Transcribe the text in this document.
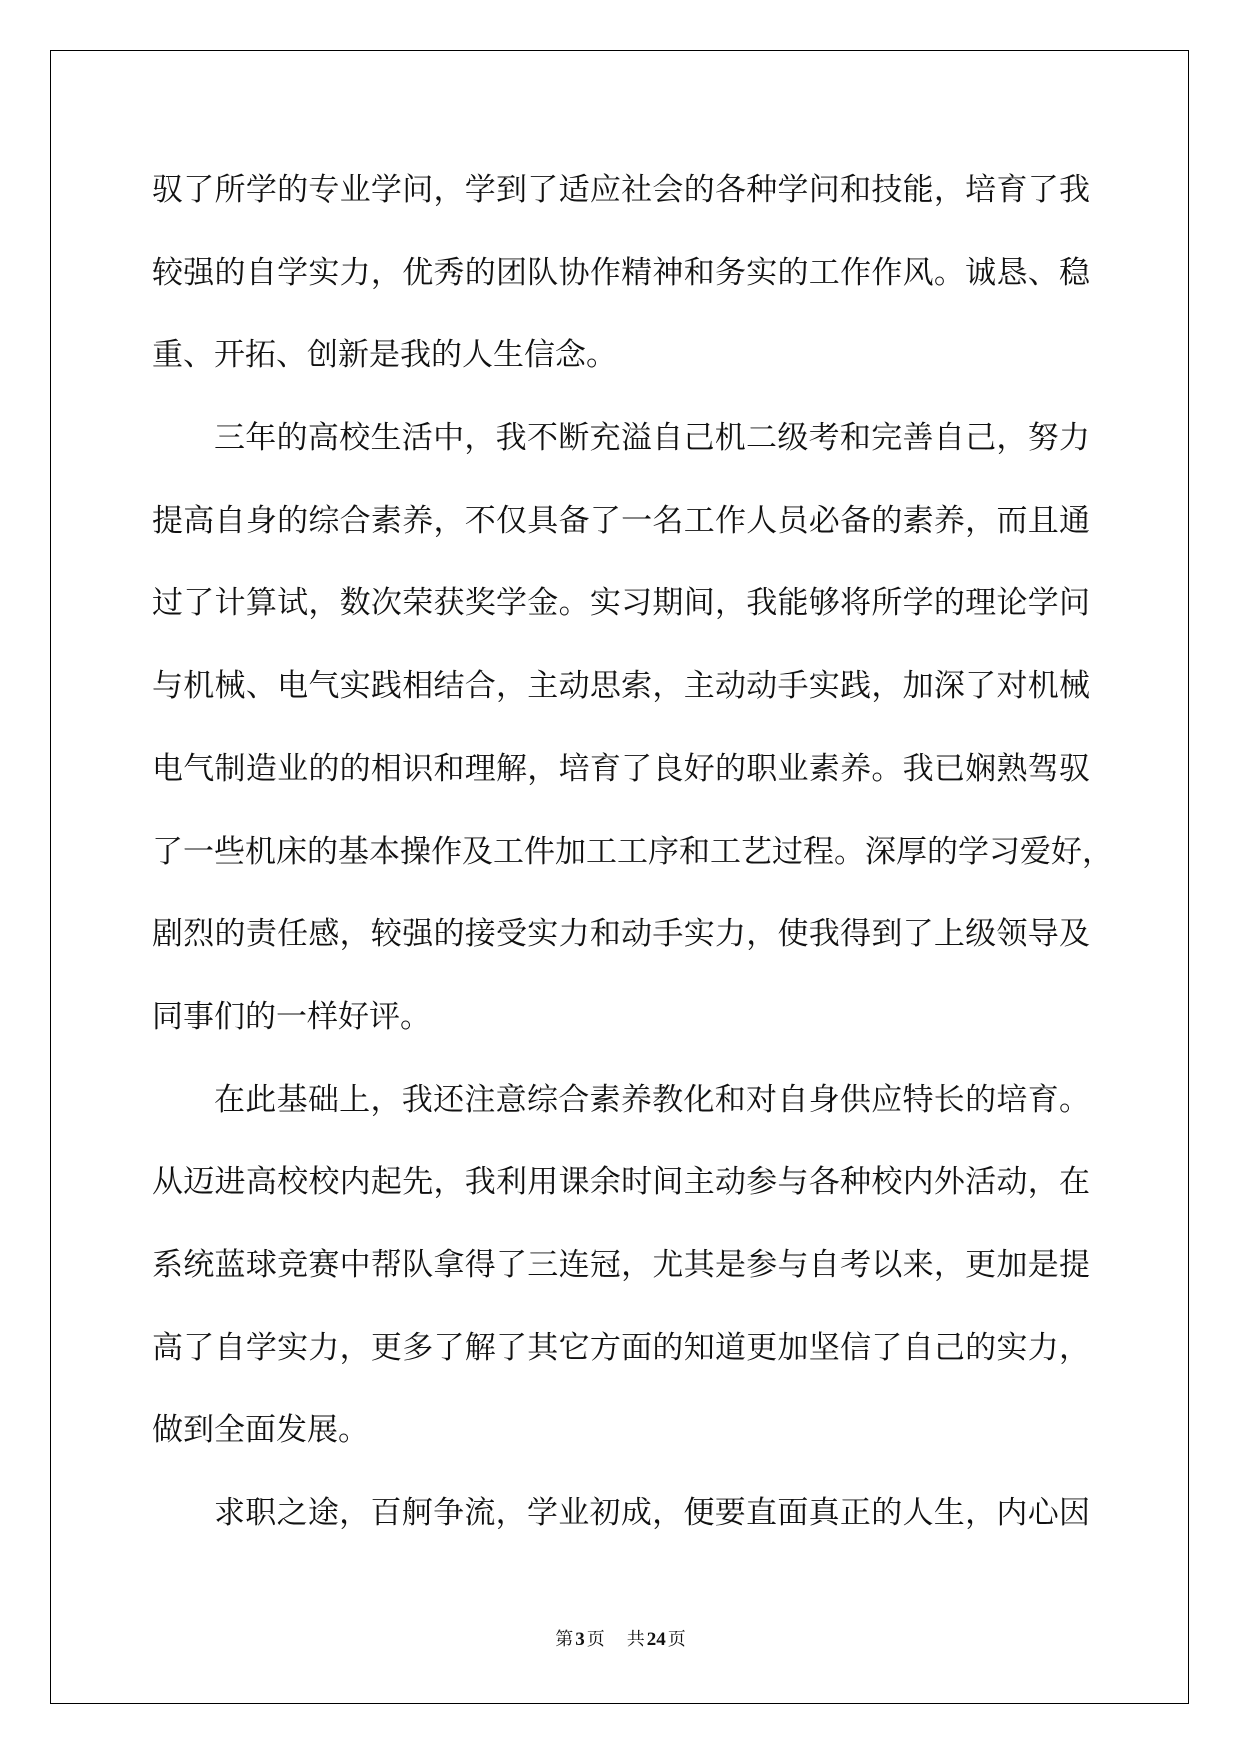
驭了所学的专业学问，学到了适应社会的各种学问和技能，培育了我
较强的自学实力，优秀的团队协作精神和务实的工作作风。诚恳、稳
重、开拓、创新是我的人生信念。
三年的高校生活中，我不断充溢自己机二级考和完善自己，努力
提高自身的综合素养，不仅具备了一名工作人员必备的素养，而且通
过了计算试，数次荣获奖学金。实习期间，我能够将所学的理论学问
与机械、电气实践相结合，主动思索，主动动手实践，加深了对机械
电气制造业的的相识和理解，培育了良好的职业素养。我已娴熟驾驭
了一些机床的基本操作及工件加工工序和工艺过程。深厚的学习爱好，
剧烈的责任感，较强的接受实力和动手实力，使我得到了上级领导及
同事们的一样好评。
在此基础上，我还注意综合素养教化和对自身供应特长的培育。
从迈进高校校内起先，我利用课余时间主动参与各种校内外活动，在
系统蓝球竞赛中帮队拿得了三连冠，尤其是参与自考以来，更加是提
高了自学实力，更多了解了其它方面的知道更加坚信了自己的实力，
做到全面发展。
求职之途，百舸争流，学业初成，便要直面真正的人生，内心因
第 3 页 共 24 页
